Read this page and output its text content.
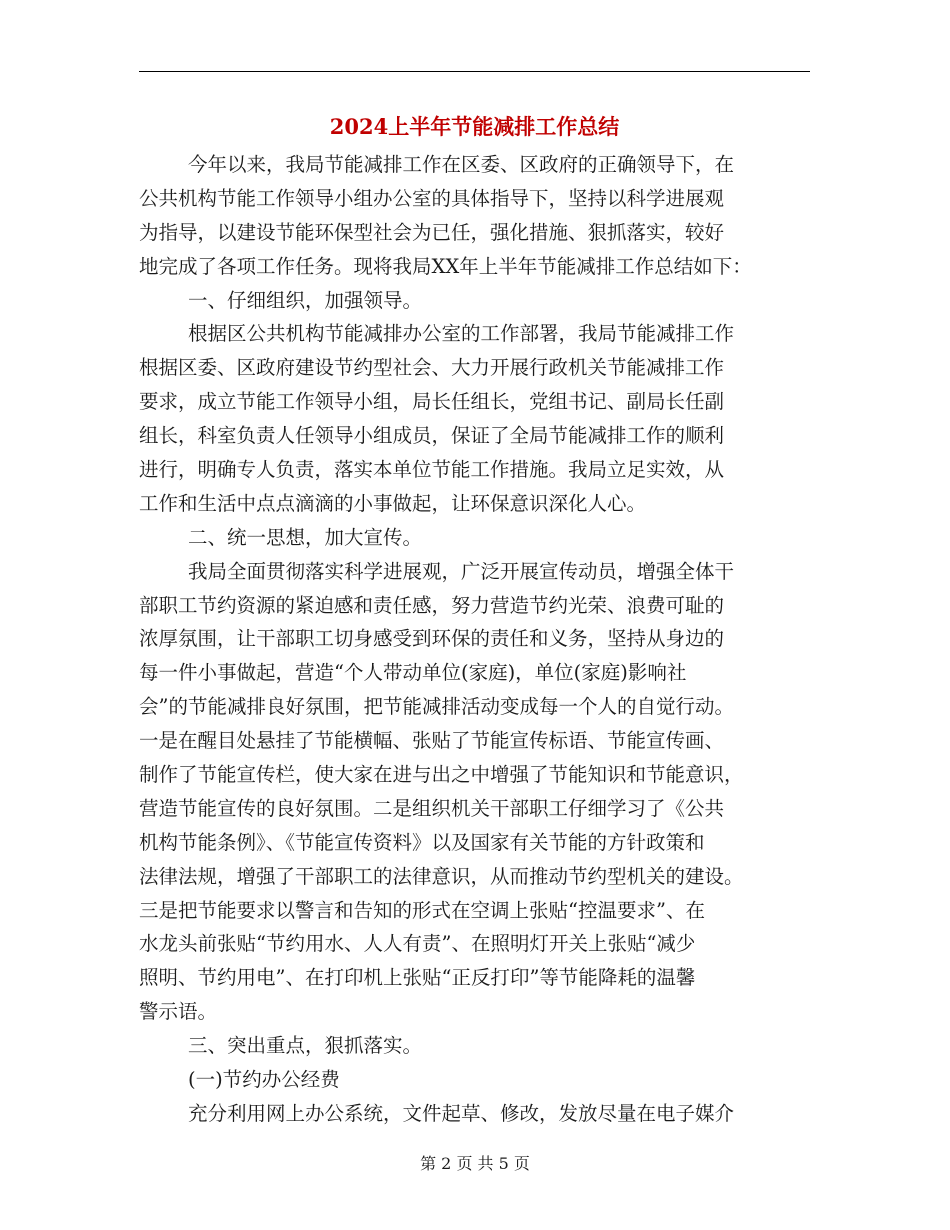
2024上半年节能减排工作总结
今年以来，我局节能减排工作在区委、区政府的正确领导下，在
公共机构节能工作领导小组办公室的具体指导下，坚持以科学进展观
为指导，以建设节能环保型社会为已任，强化措施、狠抓落实，较好
地完成了各项工作任务。现将我局XX年上半年节能减排工作总结如下：
一、仔细组织，加强领导。
根据区公共机构节能减排办公室的工作部署，我局节能减排工作
根据区委、区政府建设节约型社会、大力开展行政机关节能减排工作
要求，成立节能工作领导小组，局长任组长，党组书记、副局长任副
组长，科室负责人任领导小组成员，保证了全局节能减排工作的顺利
进行，明确专人负责，落实本单位节能工作措施。我局立足实效，从
工作和生活中点点滴滴的小事做起，让环保意识深化人心。
二、统一思想，加大宣传。
我局全面贯彻落实科学进展观，广泛开展宣传动员，增强全体干
部职工节约资源的紧迫感和责任感，努力营造节约光荣、浪费可耻的
浓厚氛围，让干部职工切身感受到环保的责任和义务，坚持从身边的
每一件小事做起，营造“个人带动单位(家庭)，单位(家庭)影响社
会”的节能减排良好氛围，把节能减排活动变成每一个人的自觉行动。
一是在醒目处悬挂了节能横幅、张贴了节能宣传标语、节能宣传画、
制作了节能宣传栏，使大家在进与出之中增强了节能知识和节能意识，
营造节能宣传的良好氛围。二是组织机关干部职工仔细学习了《公共
机构节能条例》、《节能宣传资料》以及国家有关节能的方针政策和
法律法规，增强了干部职工的法律意识，从而推动节约型机关的建设。
三是把节能要求以警言和告知的形式在空调上张贴“控温要求”、在
水龙头前张贴“节约用水、人人有责”、在照明灯开关上张贴“减少
照明、节约用电”、在打印机上张贴“正反打印”等节能降耗的温馨
警示语。
三、突出重点，狠抓落实。
(一)节约办公经费
充分利用网上办公系统，文件起草、修改，发放尽量在电子媒介
第 2 页 共 5 页
